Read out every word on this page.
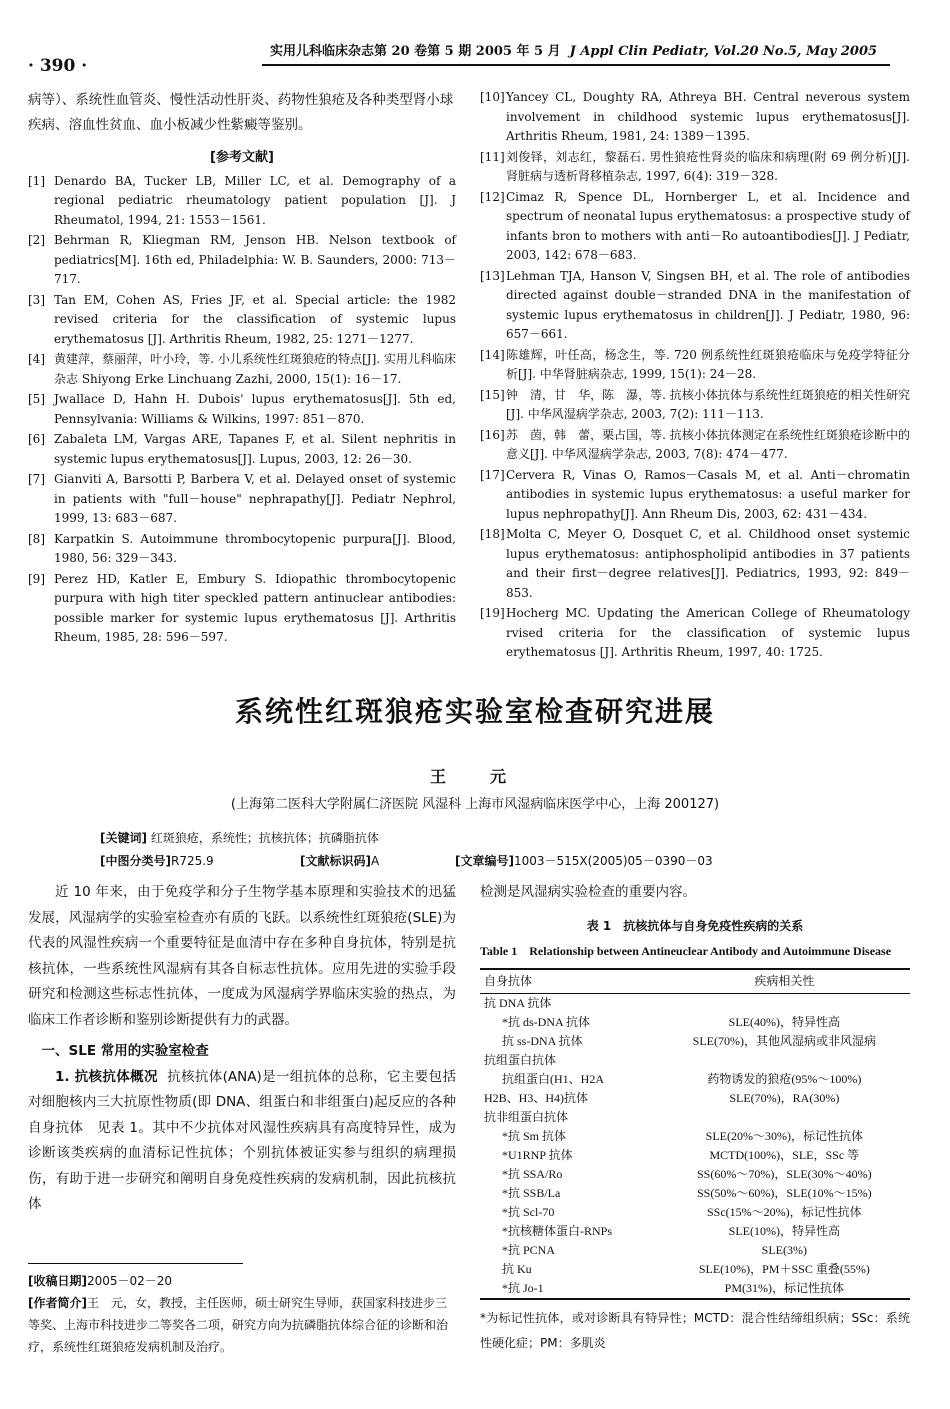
· 390 ·
实用儿科临床杂志第 20 卷第 5 期 2005 年 5 月 J Appl Clin Pediatr, Vol.20 No.5, May 2005
病等）、系统性血管炎、慢性活动性肝炎、药物性狼疮及各种类型肾小球疾病、溶血性贫血、血小板减少性紫癜等鉴别。
[参考文献]
[1] Denardo BA, Tucker LB, Miller LC, et al. Demography of a regional pediatric rheumatology patient population [J]. J Rheumatol, 1994, 21: 1553－1561.
[2] Behrman R, Kliegman RM, Jenson HB. Nelson textbook of pediatrics[M]. 16th ed, Philadelphia: W. B. Saunders, 2000: 713－717.
[3] Tan EM, Cohen AS, Fries JF, et al. Special article: the 1982 revised criteria for the classification of systemic lupus erythematosus [J]. Arthritis Rheum, 1982, 25: 1271－1277.
[4] 黄建萍，蔡丽萍，叶小玲，等. 小儿系统性红斑狼疮的特点[J]. 实用儿科临床杂志 Shiyong Erke Linchuang Zazhi, 2000, 15(1): 16－17.
[5] Jwallace D, Hahn H. Dubois' lupus erythematosus[J]. 5th ed, Pennsylvania: Williams & Wilkins, 1997: 851－870.
[6] Zabaleta LM, Vargas ARE, Tapanes F, et al. Silent nephritis in systemic lupus erythematosus[J]. Lupus, 2003, 12: 26－30.
[7] Gianviti A, Barsotti P, Barbera V, et al. Delayed onset of systemic in patients with "full－house" nephrapathy[J]. Pediatr Nephrol, 1999, 13: 683－687.
[8] Karpatkin S. Autoimmune thrombocytopenic purpura[J]. Blood, 1980, 56: 329－343.
[9] Perez HD, Katler E, Embury S. Idiopathic thrombocytopenic purpura with high titer speckled pattern antinuclear antibodies: possible marker for systemic lupus erythematosus [J]. Arthritis Rheum, 1985, 28: 596－597.
[10] Yancey CL, Doughty RA, Athreya BH. Central neverous system involvement in childhood systemic lupus erythematosus[J]. Arthritis Rheum, 1981, 24: 1389－1395.
[11] 刘俊铎，刘志红，黎磊石. 男性狼疮性肾炎的临床和病理(附 69 例分析)[J]. 肾脏病与透析肾移植杂志, 1997, 6(4): 319－328.
[12] Cimaz R, Spence DL, Hornberger L, et al. Incidence and spectrum of neonatal lupus erythematosus: a prospective study of infants bron to mothers with anti－Ro autoantibodies[J]. J Pediatr, 2003, 142: 678－683.
[13] Lehman TJA, Hanson V, Singsen BH, et al. The role of antibodies directed against double－stranded DNA in the manifestation of systemic lupus erythematosus in children[J]. J Pediatr, 1980, 96: 657－661.
[14] 陈雄辉，叶任高，杨念生，等. 720 例系统性红斑狼疮临床与免疫学特征分析[J]. 中华肾脏病杂志, 1999, 15(1): 24－28.
[15] 钟　清，甘　华，陈　瀑，等. 抗核小体抗体与系统性红斑狼疮的相关性研究[J]. 中华风湿病学杂志, 2003, 7(2): 111－113.
[16] 苏　茵，韩　蕾，栗占国，等. 抗核小体抗体测定在系统性红斑狼疮诊断中的意义[J]. 中华风湿病学杂志, 2003, 7(8): 474－477.
[17] Cervera R, Vinas O, Ramos－Casals M, et al. Anti－chromatin antibodies in systemic lupus erythematosus: a useful marker for lupus nephropathy[J]. Ann Rheum Dis, 2003, 62: 431－434.
[18] Molta C, Meyer O, Dosquet C, et al. Childhood onset systemic lupus erythematosus: antiphospholipid antibodies in 37 patients and their first－degree relatives[J]. Pediatrics, 1993, 92: 849－853.
[19] Hocherg MC. Updating the American College of Rheumatology rvised criteria for the classification of systemic lupus erythematosus [J]. Arthritis Rheum, 1997, 40: 1725.
系统性红斑狼疮实验室检查研究进展
王　元
(上海第二医科大学附属仁济医院 风湿科 上海市风湿病临床医学中心，上海 200127)
[关键词] 红斑狼疮，系统性；抗核抗体；抗磷脂抗体
[中图分类号]R725.9	[文献标识码]A	[文章编号]1003－515X(2005)05－0390－03

近 10 年来，由于免疫学和分子生物学基本原理和实验技术的迅猛发展，风湿病学的实验室检查亦有质的飞跃。以系统性红斑狼疮(SLE)为代表的风湿性疾病一个重要特征是血清中存在多种自身抗体，特别是抗核抗体，一些系统性风湿病有其各自标志性抗体。应用先进的实验手段研究和检测这些标志性抗体，一度成为风湿病学界临床实验的热点，为临床工作者诊断和鉴别诊断提供有力的武器。

一、SLE 常用的实验室检查

1. 抗核抗体概况 抗核抗体(ANA)是一组抗体的总称，它主要包括对细胞核内三大抗原性物质(即 DNA、组蛋白和非组蛋白)起反应的各种自身抗体　见表 1。其中不少抗体对风湿性疾病具有高度特异性，成为诊断该类疾病的血清标记性抗体；个别抗体被证实参与组织的病理损伤，有助于进一步研究和阐明自身免疫性疾病的发病机制，因此抗核抗体

[收稿日期]2005－02－20
[作者简介]王　元，女，教授，主任医师，硕士研究生导师，获国家科技进步三等奖、上海市科技进步二等奖各二项，研究方向为抗磷脂抗体综合征的诊断和治疗，系统性红斑狼疮发病机制及治疗。
检测是风湿病实验检查的重要内容。
表 1　抗核抗体与自身免疫性疾病的关系
Table 1　Relationship between Antineuclear Antibody and Autoimmune Disease
自身抗体	疾病相关性
抗 DNA 抗体	
*抗 ds-DNA 抗体	SLE(40%)，特异性高
抗 ss-DNA 抗体	SLE(70%)，其他风湿病或非风湿病
抗组蛋白抗体	
抗组蛋白(H1、H2A	药物诱发的狼疮(95%～100%)
H2B、H3、H4)抗体	SLE(70%)，RA(30%)
抗非组蛋白抗体	
*抗 Sm 抗体	SLE(20%～30%)，标记性抗体
*U1RNP 抗体	MCTD(100%)，SLE，SSc 等
*抗 SSA/Ro	SS(60%～70%)，SLE(30%～40%)
*抗 SSB/La	SS(50%～60%)，SLE(10%～15%)
*抗 Scl-70	SSc(15%～20%)，标记性抗体
*抗核糖体蛋白-RNPs	SLE(10%)，特异性高
*抗 PCNA	SLE(3%)
抗 Ku	SLE(10%)，PM＋SSC 重叠(55%)
*抗 Jo-1	PM(31%)，标记性抗体
*为标记性抗体，或对诊断具有特异性；MCTD：混合性结缔组织病；SSc：系统性硬化症；PM：多肌炎
